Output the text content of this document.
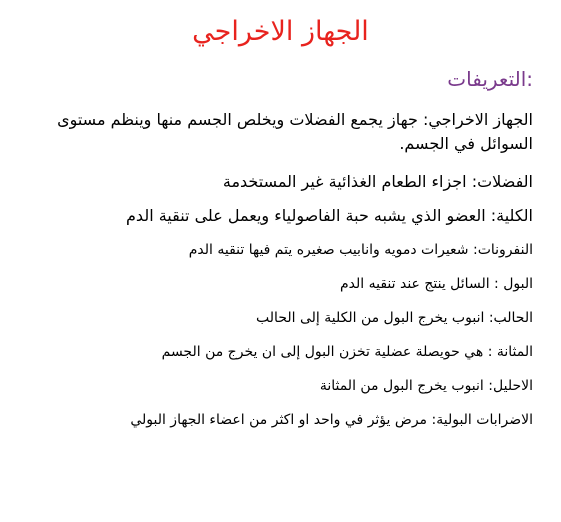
الجهاز الاخراجي
:التعريفات
الجهاز الاخراجي: جهاز يجمع الفضلات ويخلص الجسم منها وينظم مستوى السوائل في الجسم.
الفضلات: اجزاء الطعام الغذائية غير المستخدمة
الكلية: العضو الذي يشبه حبة الفاصولياء ويعمل على تنقية الدم
النفرونات: شعيرات دمويه وانابيب صغيره يتم فيها تنقيه الدم
البول : السائل ينتج عند تنقيه الدم
الحالب: انبوب يخرج البول من الكلية إلى الحالب
المثانة : هي حويصلة عضلية تخزن البول إلى ان يخرج من الجسم
الاحليل: انبوب يخرج البول من المثانة
الاضرابات البولية: مرض يؤثر في واحد او اكثر من اعضاء الجهاز البولي
